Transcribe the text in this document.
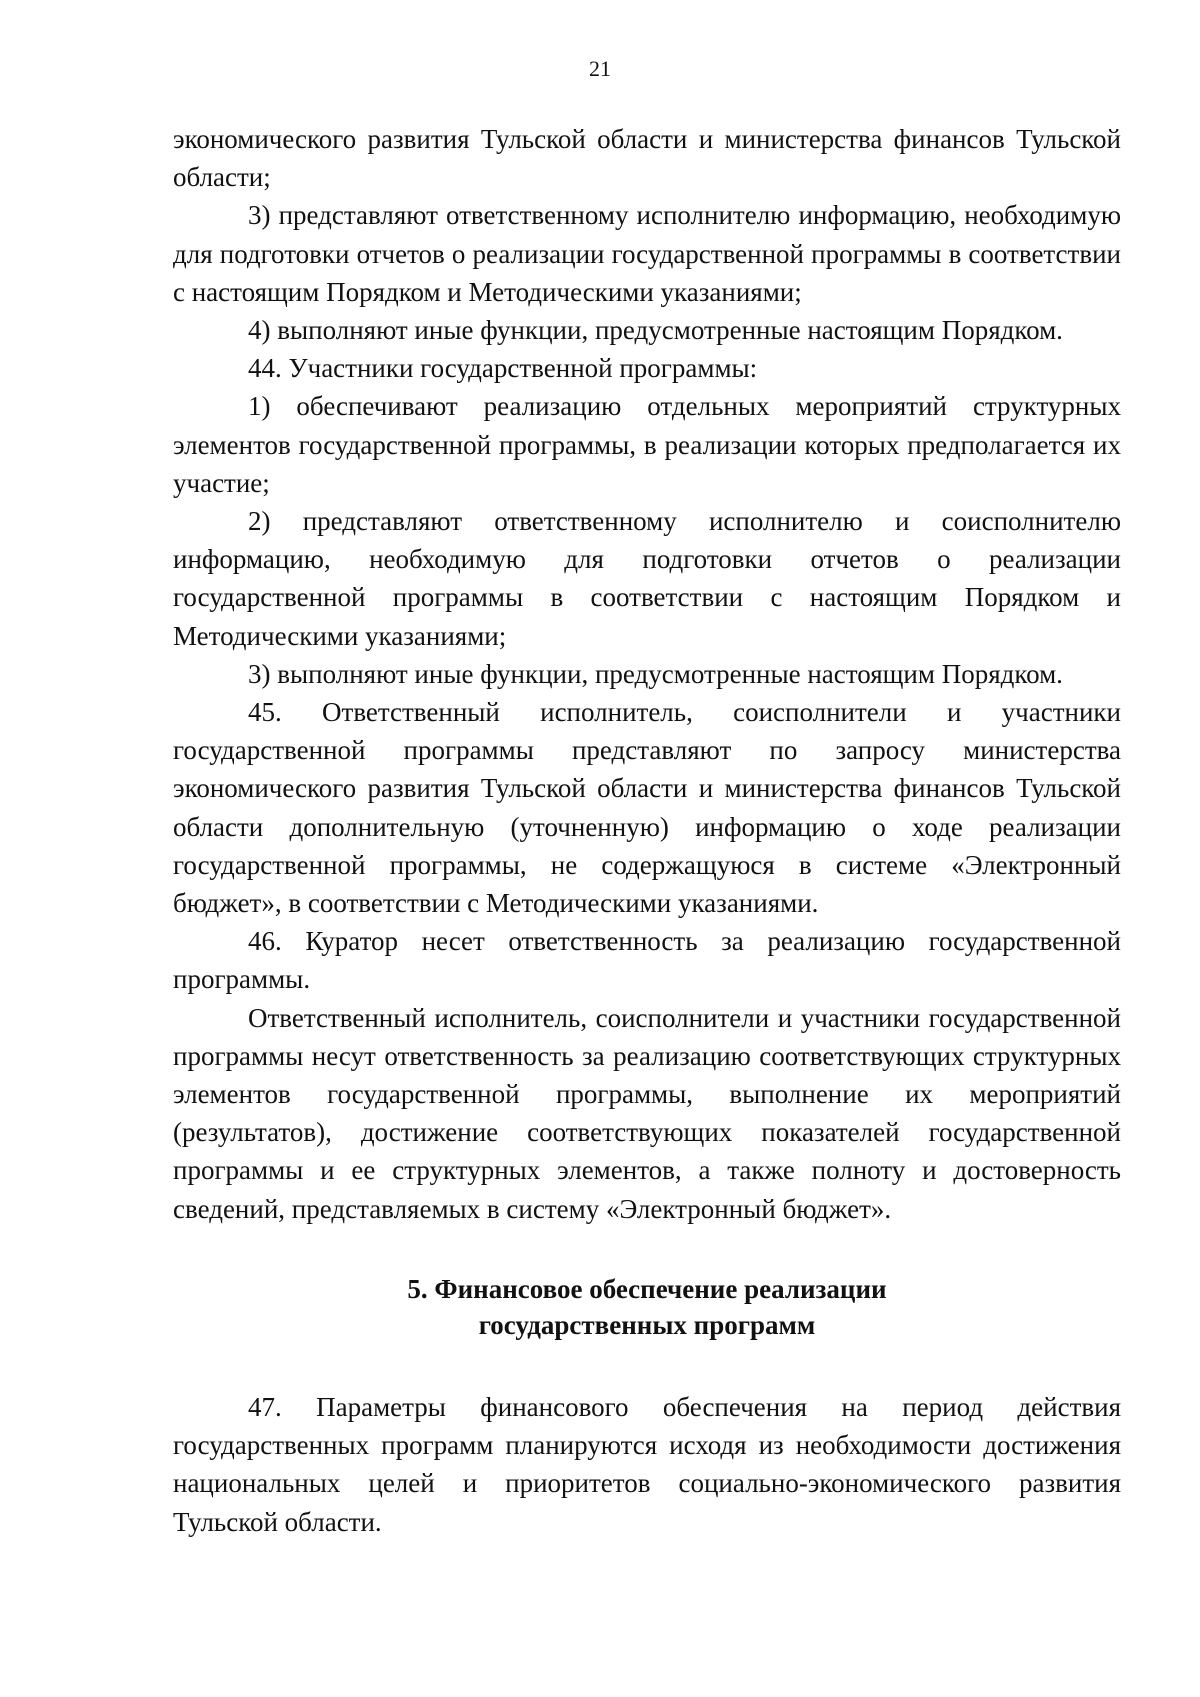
21

экономического развития Тульской области и министерства финансов Тульской области;

3) представляют ответственному исполнителю информацию, необходимую для подготовки отчетов о реализации государственной программы в соответствии с настоящим Порядком и Методическими указаниями;

4) выполняют иные функции, предусмотренные настоящим Порядком.

44. Участники государственной программы:

1) обеспечивают реализацию отдельных мероприятий структурных элементов государственной программы, в реализации которых предполагается их участие;

2) представляют ответственному исполнителю и соисполнителю информацию, необходимую для подготовки отчетов о реализации государственной программы в соответствии с настоящим Порядком и Методическими указаниями;

3) выполняют иные функции, предусмотренные настоящим Порядком.

45. Ответственный исполнитель, соисполнители и участники государственной программы представляют по запросу министерства экономического развития Тульской области и министерства финансов Тульской области дополнительную (уточненную) информацию о ходе реализации государственной программы, не содержащуюся в системе «Электронный бюджет», в соответствии с Методическими указаниями.

46. Куратор несет ответственность за реализацию государственной программы.

Ответственный исполнитель, соисполнители и участники государственной программы несут ответственность за реализацию соответствующих структурных элементов государственной программы, выполнение их мероприятий (результатов), достижение соответствующих показателей государственной программы и ее структурных элементов, а также полноту и достоверность сведений, представляемых в систему «Электронный бюджет».

5. Финансовое обеспечение реализации
государственных программ

47. Параметры финансового обеспечения на период действия государственных программ планируются исходя из необходимости достижения национальных целей и приоритетов социально-экономического развития Тульской области.
